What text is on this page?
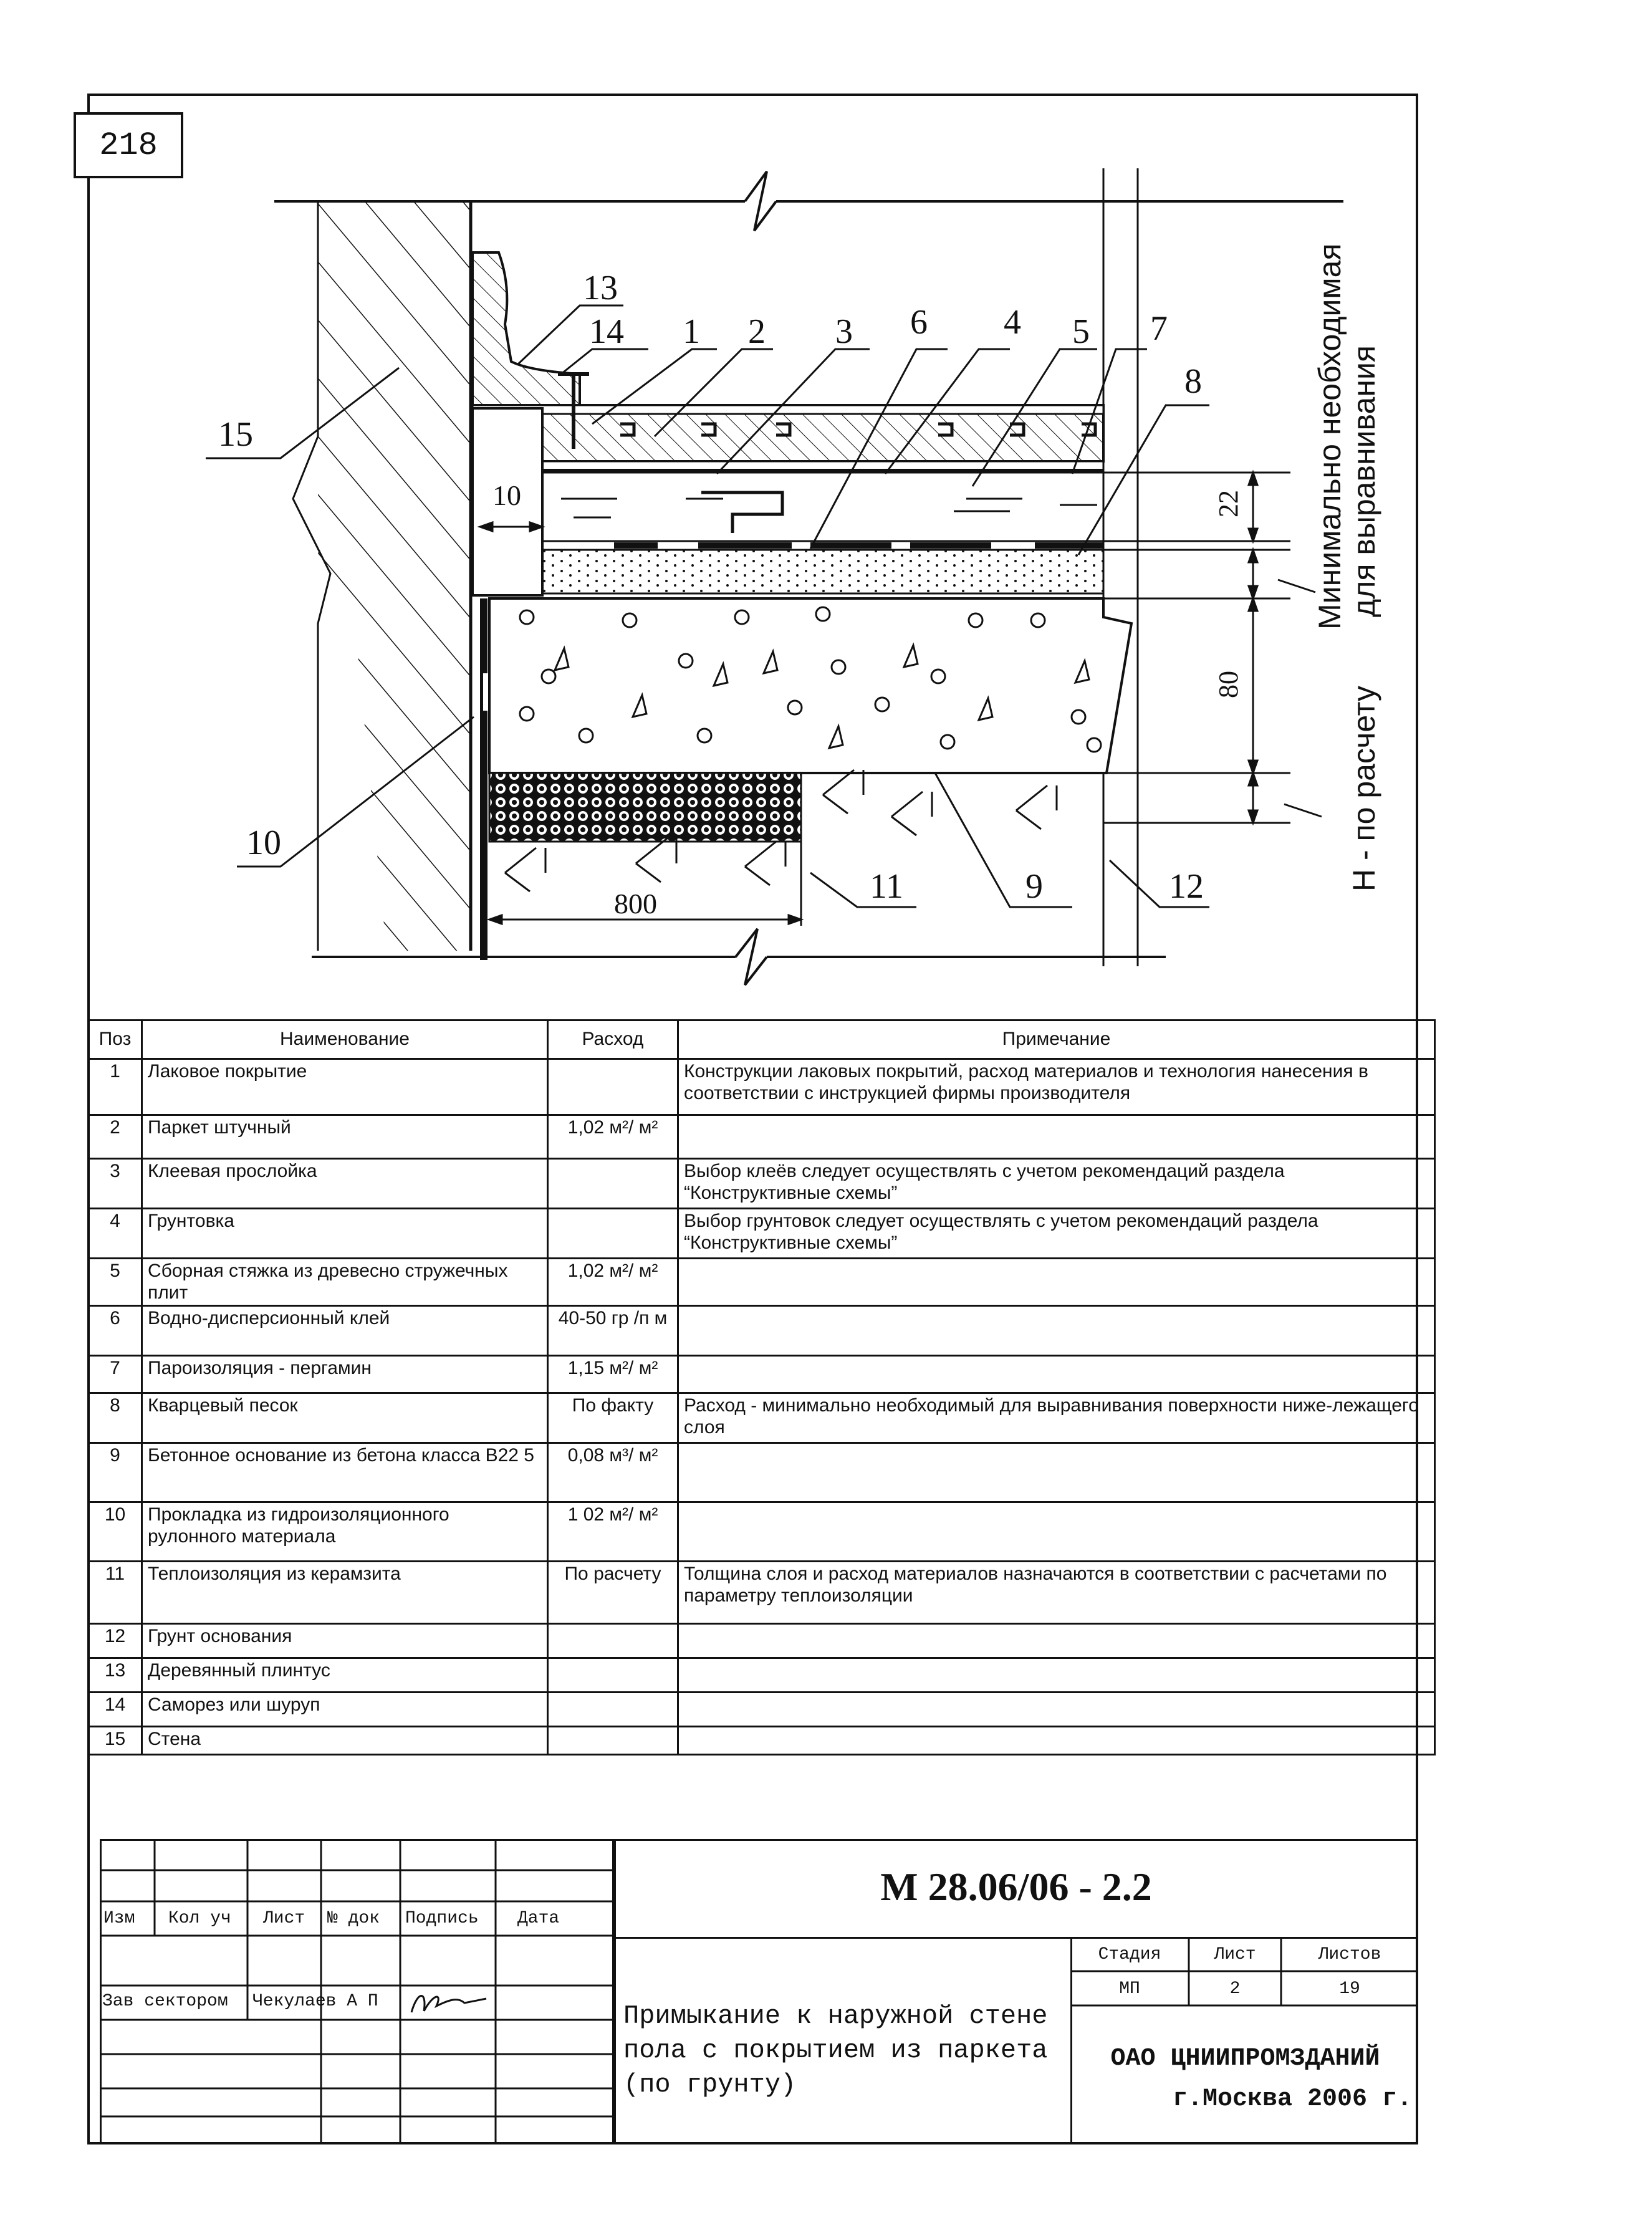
218
13
14 1 2 3 6 4 5 7
8
15
10
10
11	9	12
800
22
80
Минимально необходимая для выравнивания
Н - по расчету
Поз	Наименование	Расход	Примечание
1	Лаковое покрытие		Конструкции лаковых покрытий, расход материалов и технология нанесения в соответствии с инструкцией фирмы производителя
2	Паркет штучный	1,02 м²/ м²	
3	Клеевая прослойка		Выбор клеёв следует осуществлять с учетом рекомендаций раздела “Конструктивные схемы”
4	Грунтовка		Выбор грунтовок следует осуществлять с учетом рекомендаций раздела “Конструктивные схемы”
5	Сборная стяжка из древесно стружечных плит	1,02 м²/ м²	
6	Водно-дисперсионный клей	40-50 гр /п м	
7	Пароизоляция - пергамин	1,15 м²/ м²	
8	Кварцевый песок	По факту	Расход - минимально необходимый для выравнивания поверхности ниже-лежащего слоя
9	Бетонное основание из бетона класса В22 5	0,08 м³/ м²	
10	Прокладка из гидроизоляционного рулонного материала	1 02 м²/ м²	
11	Теплоизоляция из керамзита	По расчету	Толщина слоя и расход материалов назначаются в соответствии с расчетами по параметру теплоизоляции
12	Грунт основания		
13	Деревянный плинтус		
14	Саморез или шуруп		
15	Стена		
Изм Кол уч Лист № док Подпись Дата
Зав сектором Чекулаев А П
М 28.06/06 - 2.2
Примыкание к наружной стене
пола с покрытием из паркета
(по грунту)
Стадия	Лист	Листов
МП	2	19
ОАО ЦНИИПРОМЗДАНИЙ
г.Москва 2006 г.
